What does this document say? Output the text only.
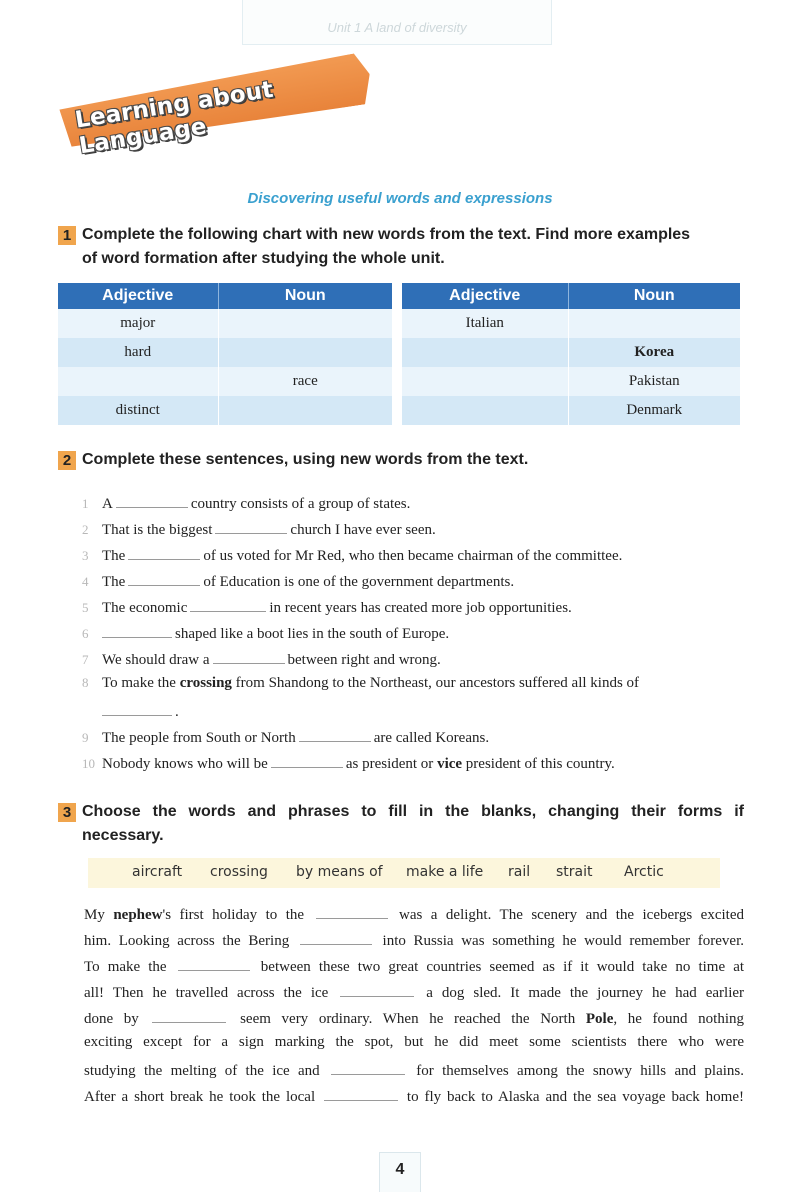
Unit 1 A land of diversity
Learning about Language
Discovering useful words and expressions
1 Complete the following chart with new words from the text. Find more examples
of word formation after studying the whole unit.
Adjective	Noun
major	
hard	
	race
distinct	
Adjective	Noun
Italian	
	Korea
	Pakistan
	Denmark
2 Complete these sentences, using new words from the text.
1 A	country consists of a group of states.
2 That is the biggest	church I have ever seen.
3 The	of us voted for Mr Red, who then became chairman of the committee.
4 The	of Education is one of the government departments.
5 The economic	in recent years has created more job opportunities.
6	shaped like a boot lies in the south of Europe.
7 We should draw a	between right and wrong.
8 To make the crossing from Shandong to the Northeast, our ancestors suffered all kinds of
.
9 The people from South or North	are called Koreans.
10 Nobody knows who will be	as president or vice president of this country.
3 Choose the words and phrases to fill in the blanks, changing their forms if
necessary.
aircraft crossing by means of make a life rail strait Arctic
My nephew's first holiday to the	was a delight. The scenery and the icebergs excited
him. Looking across the Bering	into Russia was something he would remember forever.
To make the	between these two great countries seemed as if it would take no time at
all! Then he travelled across the ice	a dog sled. It made the journey he had earlier
done by	seem very ordinary. When he reached the North Pole, he found nothing
exciting except for a sign marking the spot, but he did meet some scientists there who were
studying the melting of the ice and	for themselves among the snowy hills and plains.
After a short break he took the local	to fly back to Alaska and the sea voyage back home!
4
